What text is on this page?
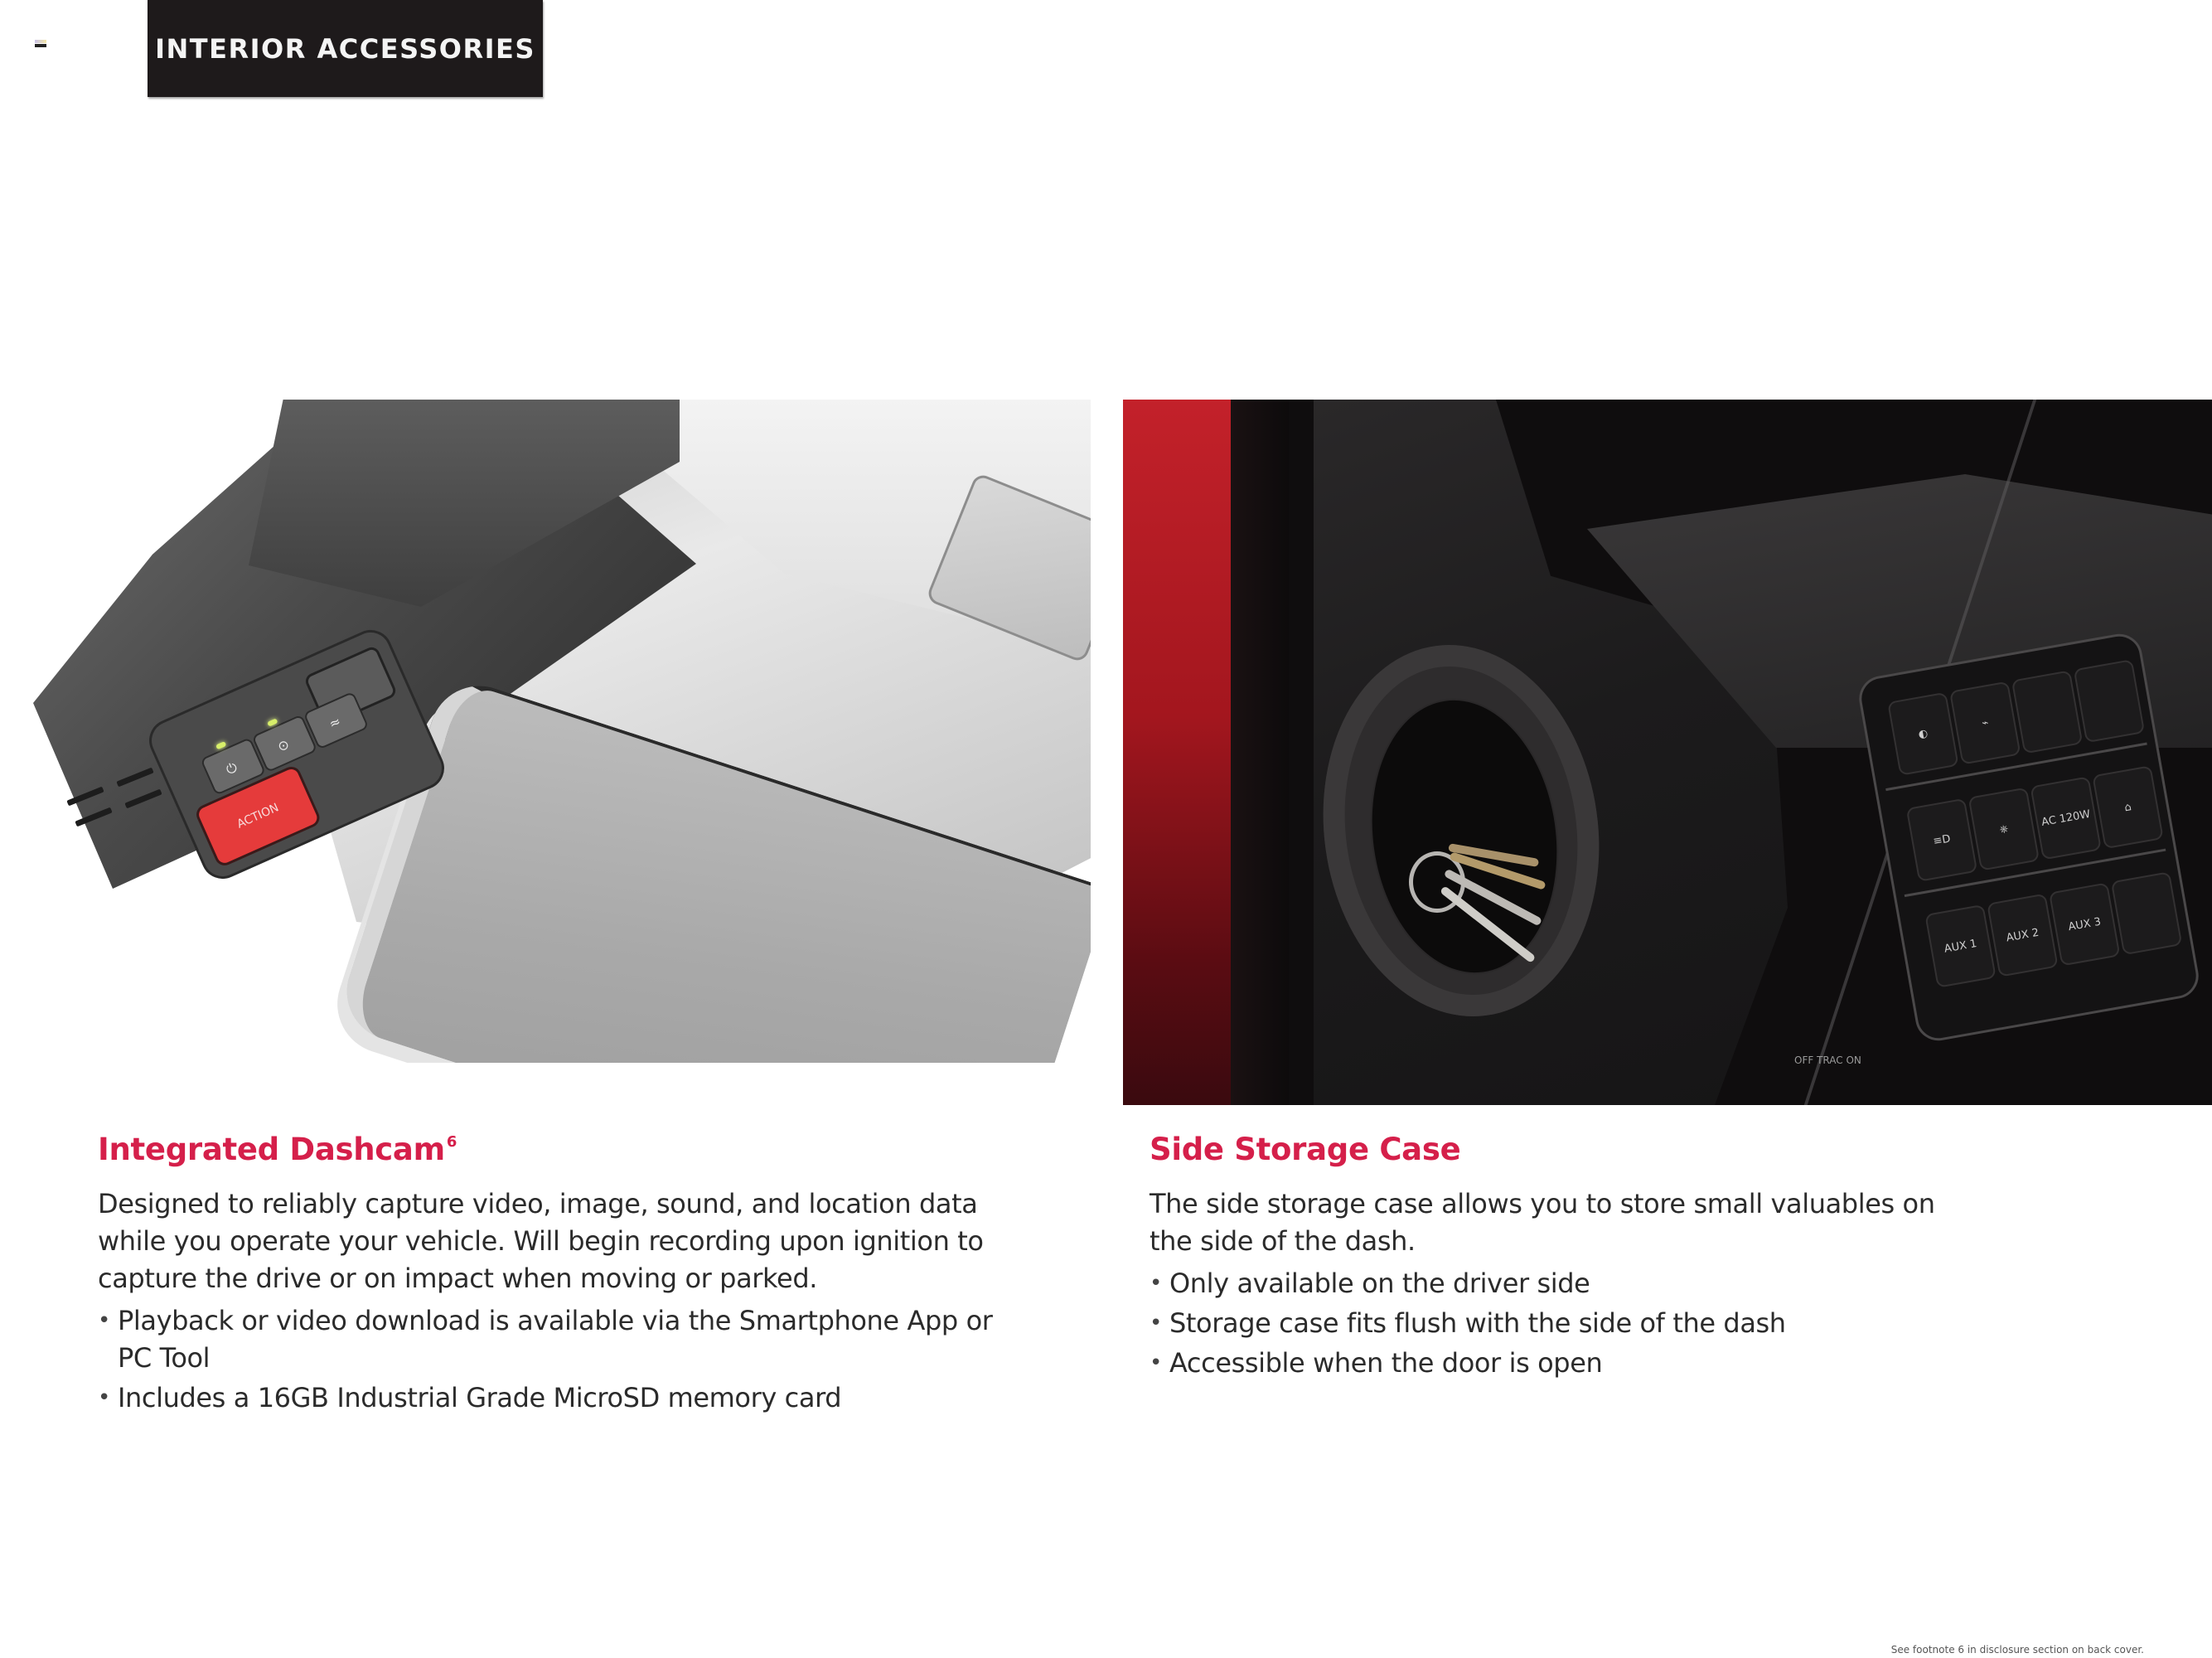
INTERIOR ACCESSORIES
⏻
⊙
≈
ACTION
◐
⌁
≡D
⎈
AC 120W
⌂
AUX 1
AUX 2
AUX 3
OFF TRAC ON
Integrated Dashcam $^6$

Designed to reliably capture video, image, sound, and location data while you operate your vehicle. Will begin recording upon ignition to capture the drive or on impact when moving or parked.

• Playback or video download is available via the Smartphone App or PC Tool
• Includes a 16GB Industrial Grade MicroSD memory card
Side Storage Case

The side storage case allows you to store small valuables on the side of the dash.

• Only available on the driver side
• Storage case fits flush with the side of the dash
• Accessible when the door is open
See footnote 6 in disclosure section on back cover.
